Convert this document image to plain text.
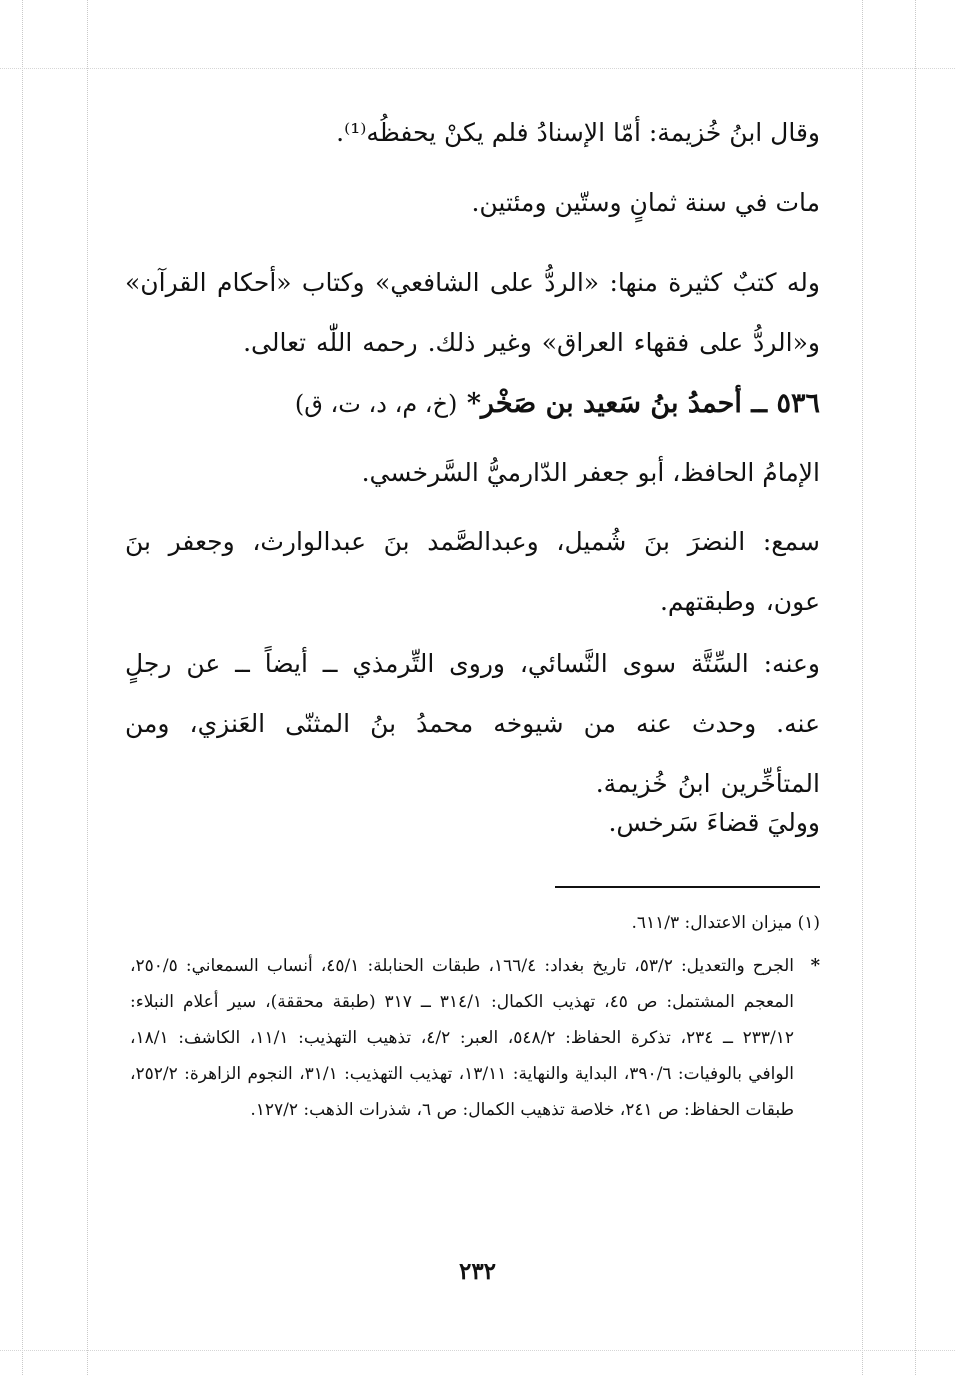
وقال ابنُ خُزيمة: أمّا الإسنادُ فلم يكنْ يحفظُه⁽¹⁾.
مات في سنة ثمانٍ وستّين ومئتين.
وله كتبٌ كثيرة منها: «الردُّ على الشافعي» وكتاب «أحكام القرآن» و«الردُّ على فقهاء العراق» وغير ذلك. رحمه اللّٰه تعالى.
٥٣٦ ــ أحمدُ بنُ سَعيد بن صَخْر* (خ، م، د، ت، ق)
الإمامُ الحافظ، أبو جعفر الدّارميُّ السَّرخسي.
سمع: النضرَ بنَ شُميل، وعبدالصَّمد بنَ عبدالوارث، وجعفر بنَ عون، وطبقتهم.
وعنه: السِّتَّة سوى النَّسائي، وروى التِّرمذي ــ أيضاً ــ عن رجلٍ عنه. وحدث عنه من شيوخه محمدُ بنُ المثنّى العَنزي، ومن المتأخِّرين ابنُ خُزيمة.
ووليَ قضاءَ سَرخس.
(١) ميزان الاعتدال: ٦١١/٣.
*
الجرح والتعديل: ٥٣/٢، تاريخ بغداد: ١٦٦/٤، طبقات الحنابلة: ٤٥/١، أنساب السمعاني: ٢٥٠/٥، المعجم المشتمل: ص ٤٥، تهذيب الكمال: ٣١٤/١ ــ ٣١٧ (طبقة محققة)، سير أعلام النبلاء: ٢٣٣/١٢ ــ ٢٣٤، تذكرة الحفاظ: ٥٤٨/٢، العبر: ٤/٢، تذهيب التهذيب: ١١/١، الكاشف: ١٨/١، الوافي بالوفيات: ٣٩٠/٦، البداية والنهاية: ١٣/١١، تهذيب التهذيب: ٣١/١، النجوم الزاهرة: ٢٥٢/٢، طبقات الحفاظ: ص ٢٤١، خلاصة تذهيب الكمال: ص ٦، شذرات الذهب: ١٢٧/٢.
٢٣٢
